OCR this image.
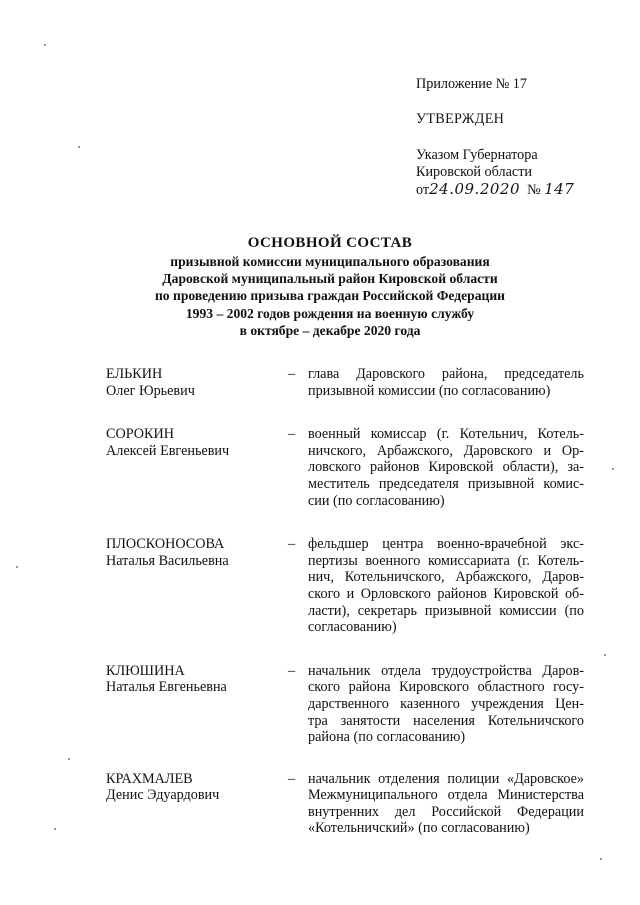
Приложение № 17
УТВЕРЖДЕН
Указом Губернатора
Кировской области
от24.09.2020 № 147
ОСНОВНОЙ СОСТАВ
призывной комиссии муниципального образования
Даровской муниципальный район Кировской области
по проведению призыва граждан Российской Федерации
1993 – 2002 годов рождения на военную службу
в октябре – декабре 2020 года
ЕЛЬКИН
Олег Юрьевич
– глава Даровского района, председатель
призывной комиссии (по согласованию)
СОРОКИН
Алексей Евгеньевич
– военный комиссар (г. Котельнич, Котель-
ничского, Арбажского, Даровского и Ор-
ловского районов Кировской области), за-
меститель председателя призывной комис-
сии (по согласованию)
ПЛОСКОНОСОВА
Наталья Васильевна
– фельдшер центра военно-врачебной экс-
пертизы военного комиссариата (г. Котель-
нич, Котельничского, Арбажского, Даров-
ского и Орловского районов Кировской об-
ласти), секретарь призывной комиссии (по
согласованию)
КЛЮШИНА
Наталья Евгеньевна
– начальник отдела трудоустройства Даров-
ского района Кировского областного госу-
дарственного казенного учреждения Цен-
тра занятости населения Котельничского
района (по согласованию)
КРАХМАЛЕВ
Денис Эдуардович
– начальник отделения полиции «Даровское»
Межмуниципального отдела Министерства
внутренних дел Российской Федерации
«Котельничский» (по согласованию)
